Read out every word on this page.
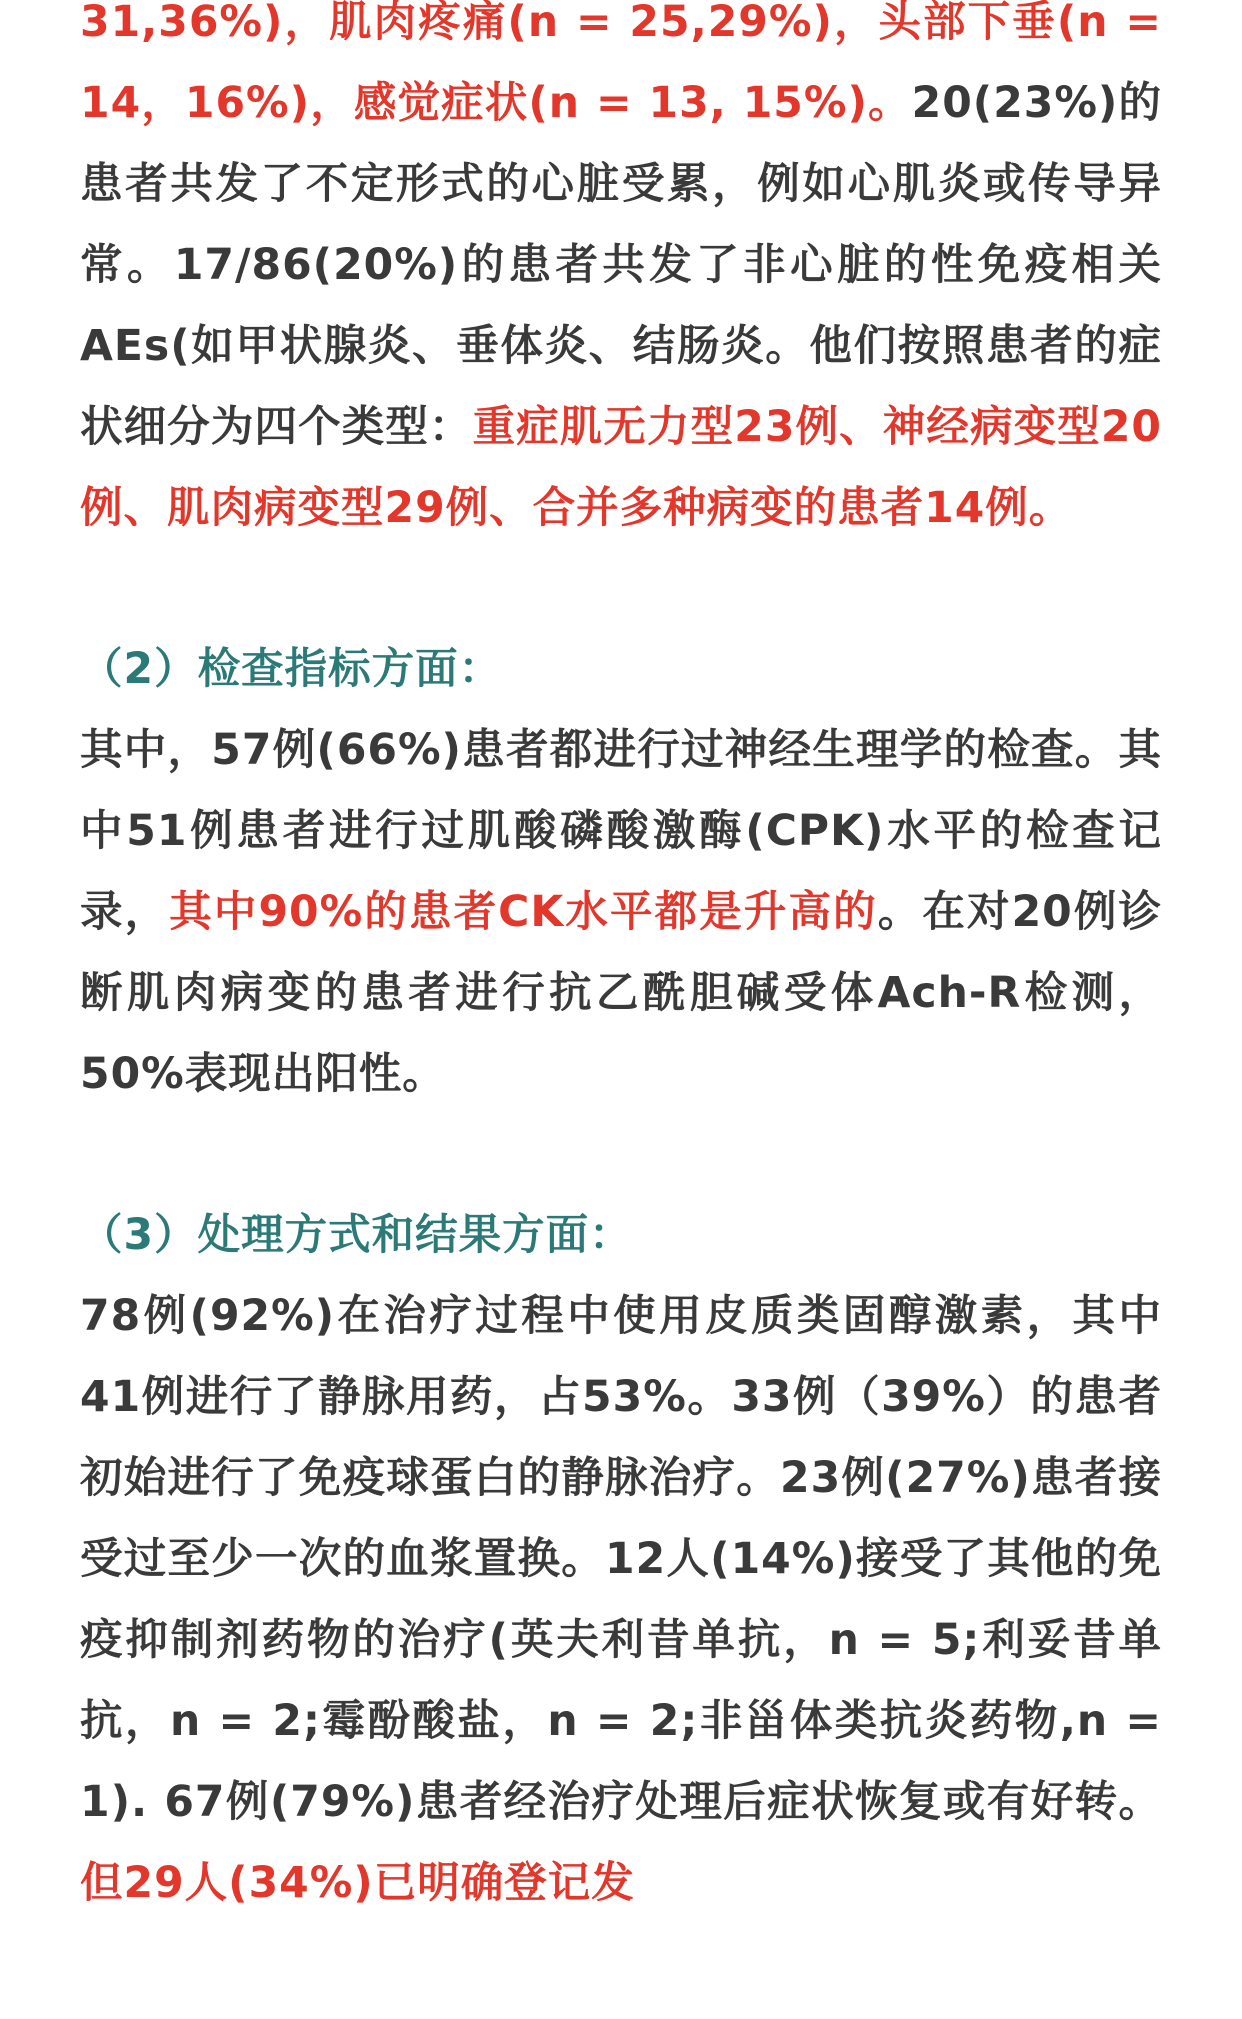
31,36%)，肌肉疼痛(n = 25,29%)，头部下垂(n = 14，16%)，感觉症状(n = 13, 15%)。20(23%)的患者共发了不定形式的心脏受累，例如心肌炎或传导异常。17/86(20%)的患者共发了非心脏的性免疫相关AEs(如甲状腺炎、垂体炎、结肠炎。他们按照患者的症状细分为四个类型：重症肌无力型23例、神经病变型20例、肌肉病变型29例、合并多种病变的患者14例。

（2）检查指标方面：

其中，57例(66%)患者都进行过神经生理学的检查。其中51例患者进行过肌酸磷酸激酶(CPK)水平的检查记录，其中90%的患者CK水平都是升高的。在对20例诊断肌肉病变的患者进行抗乙酰胆碱受体Ach-R检测，50%表现出阳性。

（3）处理方式和结果方面：

78例(92%)在治疗过程中使用皮质类固醇激素，其中41例进行了静脉用药，占53%。33例（39%）的患者初始进行了免疫球蛋白的静脉治疗。23例(27%)患者接受过至少一次的血浆置换。12人(14%)接受了其他的免疫抑制剂药物的治疗(英夫利昔单抗，n = 5;利妥昔单抗，n = 2;霉酚酸盐，n = 2;非甾体类抗炎药物,n = 1). 67例(79%)患者经治疗处理后症状恢复或有好转。但29人(34%)已明确登记发
